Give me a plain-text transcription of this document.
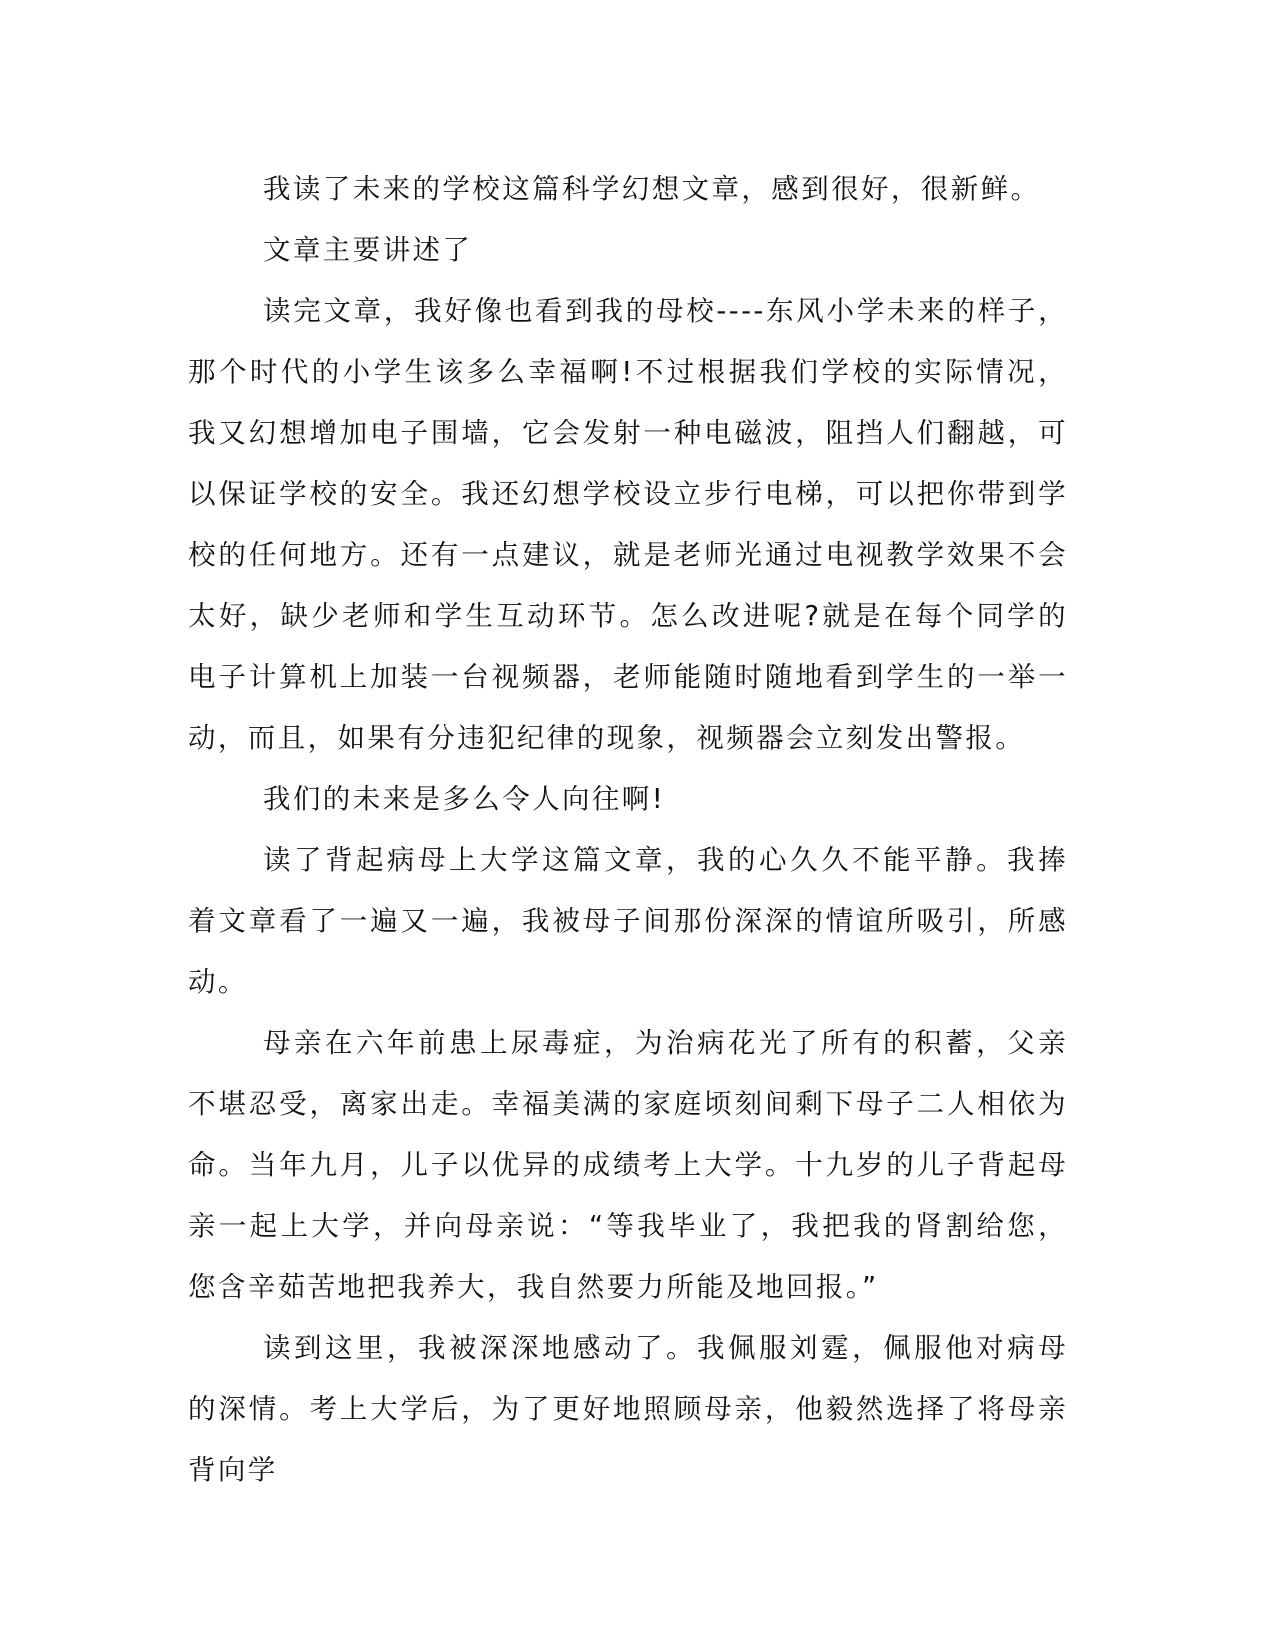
我读了未来的学校这篇科学幻想文章，感到很好，很新鲜。

文章主要讲述了

读完文章，我好像也看到我的母校----东风小学未来的样子，那个时代的小学生该多么幸福啊!不过根据我们学校的实际情况，我又幻想增加电子围墙，它会发射一种电磁波，阻挡人们翻越，可以保证学校的安全。我还幻想学校设立步行电梯，可以把你带到学校的任何地方。还有一点建议，就是老师光通过电视教学效果不会太好，缺少老师和学生互动环节。怎么改进呢?就是在每个同学的电子计算机上加装一台视频器，老师能随时随地看到学生的一举一动，而且，如果有分违犯纪律的现象，视频器会立刻发出警报。

我们的未来是多么令人向往啊!

读了背起病母上大学这篇文章，我的心久久不能平静。我捧着文章看了一遍又一遍，我被母子间那份深深的情谊所吸引，所感动。

母亲在六年前患上尿毒症，为治病花光了所有的积蓄，父亲不堪忍受，离家出走。幸福美满的家庭顷刻间剩下母子二人相依为命。当年九月，儿子以优异的成绩考上大学。十九岁的儿子背起母亲一起上大学，并向母亲说：“等我毕业了，我把我的肾割给您，您含辛茹苦地把我养大，我自然要力所能及地回报。”

读到这里，我被深深地感动了。我佩服刘霆，佩服他对病母的深情。考上大学后，为了更好地照顾母亲，他毅然选择了将母亲背向学
